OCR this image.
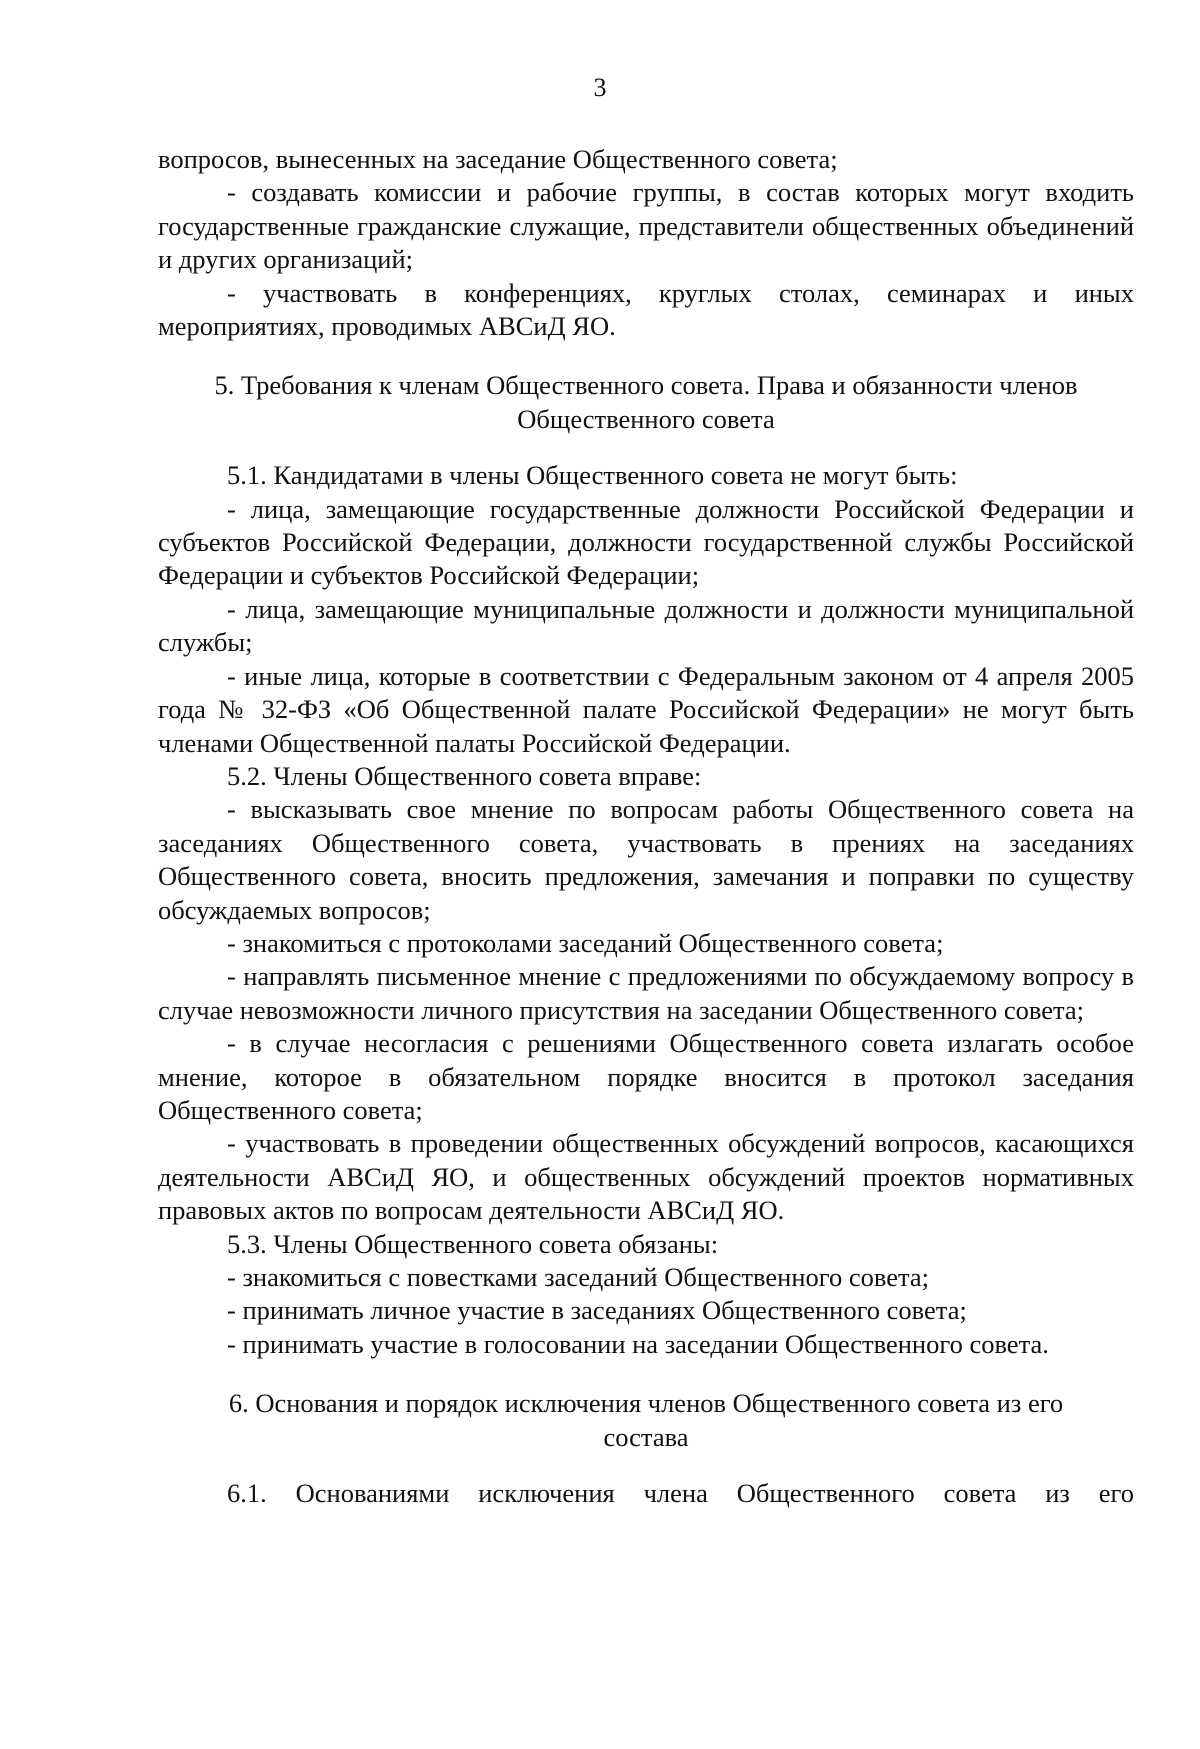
3

вопросов, вынесенных на заседание Общественного совета;

- создавать комиссии и рабочие группы, в состав которых могут входить государственные гражданские служащие, представители общественных объединений и других организаций;

- участвовать в конференциях, круглых столах, семинарах и иных мероприятиях, проводимых АВСиД ЯО.

5. Требования к членам Общественного совета. Права и обязанности членов
Общественного совета

5.1. Кандидатами в члены Общественного совета не могут быть:

- лица, замещающие государственные должности Российской Федерации и субъектов Российской Федерации, должности государственной службы Российской Федерации и субъектов Российской Федерации;

- лица, замещающие муниципальные должности и должности муниципальной службы;

- иные лица, которые в соответствии с Федеральным законом от 4 апреля 2005 года № 32-ФЗ «Об Общественной палате Российской Федерации» не могут быть членами Общественной палаты Российской Федерации.

5.2. Члены Общественного совета вправе:

- высказывать свое мнение по вопросам работы Общественного совета на заседаниях Общественного совета, участвовать в прениях на заседаниях Общественного совета, вносить предложения, замечания и поправки по существу обсуждаемых вопросов;

- знакомиться с протоколами заседаний Общественного совета;

- направлять письменное мнение с предложениями по обсуждаемому вопросу в случае невозможности личного присутствия на заседании Общественного совета;

- в случае несогласия с решениями Общественного совета излагать особое мнение, которое в обязательном порядке вносится в протокол заседания Общественного совета;

- участвовать в проведении общественных обсуждений вопросов, касающихся деятельности АВСиД ЯО, и общественных обсуждений проектов нормативных правовых актов по вопросам деятельности АВСиД ЯО.

5.3. Члены Общественного совета обязаны:

- знакомиться с повестками заседаний Общественного совета;

- принимать личное участие в заседаниях Общественного совета;

- принимать участие в голосовании на заседании Общественного совета.

6. Основания и порядок исключения членов Общественного совета из его
состава

6.1. Основаниями исключения члена Общественного совета из его
